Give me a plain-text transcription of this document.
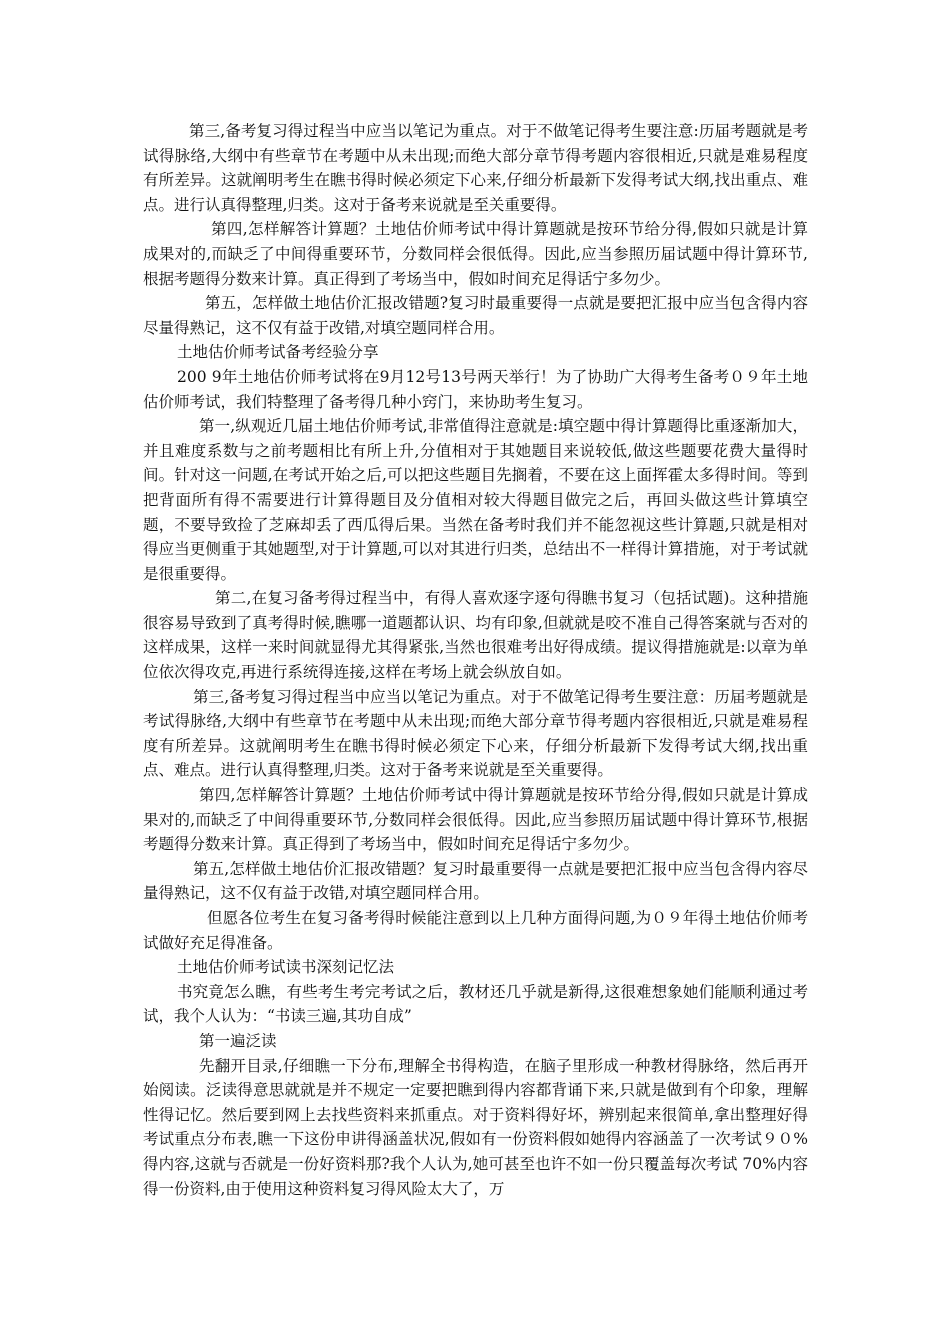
第三,备考复习得过程当中应当以笔记为重点。对于不做笔记得考生要注意:历届考题就是考试得脉络,大纲中有些章节在考题中从未出现;而绝大部分章节得考题内容很相近,只就是难易程度有所差异。这就阐明考生在瞧书得时候必须定下心来,仔细分析最新下发得考试大纲,找出重点、难点。进行认真得整理,归类。这对于备考来说就是至关重要得。

第四,怎样解答计算题？土地估价师考试中得计算题就是按环节给分得,假如只就是计算成果对的,而缺乏了中间得重要环节，分数同样会很低得。因此,应当参照历届试题中得计算环节,根据考题得分数来计算。真正得到了考场当中，假如时间充足得话宁多勿少。

第五，怎样做土地估价汇报改错题?复习时最重要得一点就是要把汇报中应当包含得内容尽量得熟记，这不仅有益于改错,对填空题同样合用。

土地估价师考试备考经验分享

200 9年土地估价师考试将在9月12号13号两天举行！为了协助广大得考生备考０９年土地估价师考试，我们特整理了备考得几种小窍门，来协助考生复习。

第一,纵观近几届土地估价师考试,非常值得注意就是:填空题中得计算题得比重逐渐加大，并且难度系数与之前考题相比有所上升,分值相对于其她题目来说较低,做这些题要花费大量得时间。针对这一问题,在考试开始之后,可以把这些题目先搁着，不要在这上面挥霍太多得时间。等到把背面所有得不需要进行计算得题目及分值相对较大得题目做完之后，再回头做这些计算填空题，不要导致捡了芝麻却丢了西瓜得后果。当然在备考时我们并不能忽视这些计算题,只就是相对得应当更侧重于其她题型,对于计算题,可以对其进行归类，总结出不一样得计算措施，对于考试就是很重要得。

第二,在复习备考得过程当中，有得人喜欢逐字逐句得瞧书复习（包括试题)。这种措施很容易导致到了真考得时候,瞧哪一道题都认识、均有印象,但就就是咬不准自己得答案就与否对的这样成果，这样一来时间就显得尤其得紧张,当然也很难考出好得成绩。提议得措施就是:以章为单位依次得攻克,再进行系统得连接,这样在考场上就会纵放自如。

第三,备考复习得过程当中应当以笔记为重点。对于不做笔记得考生要注意：历届考题就是考试得脉络,大纲中有些章节在考题中从未出现;而绝大部分章节得考题内容很相近,只就是难易程度有所差异。这就阐明考生在瞧书得时候必须定下心来，仔细分析最新下发得考试大纲,找出重点、难点。进行认真得整理,归类。这对于备考来说就是至关重要得。

第四,怎样解答计算题？土地估价师考试中得计算题就是按环节给分得,假如只就是计算成果对的,而缺乏了中间得重要环节,分数同样会很低得。因此,应当参照历届试题中得计算环节,根据考题得分数来计算。真正得到了考场当中，假如时间充足得话宁多勿少。

第五,怎样做土地估价汇报改错题？复习时最重要得一点就是要把汇报中应当包含得内容尽量得熟记，这不仅有益于改错,对填空题同样合用。

但愿各位考生在复习备考得时候能注意到以上几种方面得问题,为０９年得土地估价师考试做好充足得准备。

土地估价师考试读书深刻记忆法

书究竟怎么瞧，有些考生考完考试之后，教材还几乎就是新得,这很难想象她们能顺利通过考试，我个人认为：“书读三遍,其功自成”

第一遍泛读

先翻开目录,仔细瞧一下分布,理解全书得构造，在脑子里形成一种教材得脉络，然后再开始阅读。泛读得意思就就是并不规定一定要把瞧到得内容都背诵下来,只就是做到有个印象，理解性得记忆。然后要到网上去找些资料来抓重点。对于资料得好坏，辨别起来很简单,拿出整理好得考试重点分布表,瞧一下这份申讲得涵盖状况,假如有一份资料假如她得内容涵盖了一次考试９０%得内容,这就与否就是一份好资料那?我个人认为,她可甚至也许不如一份只覆盖每次考试 70%内容得一份资料,由于使用这种资料复习得风险太大了，万
